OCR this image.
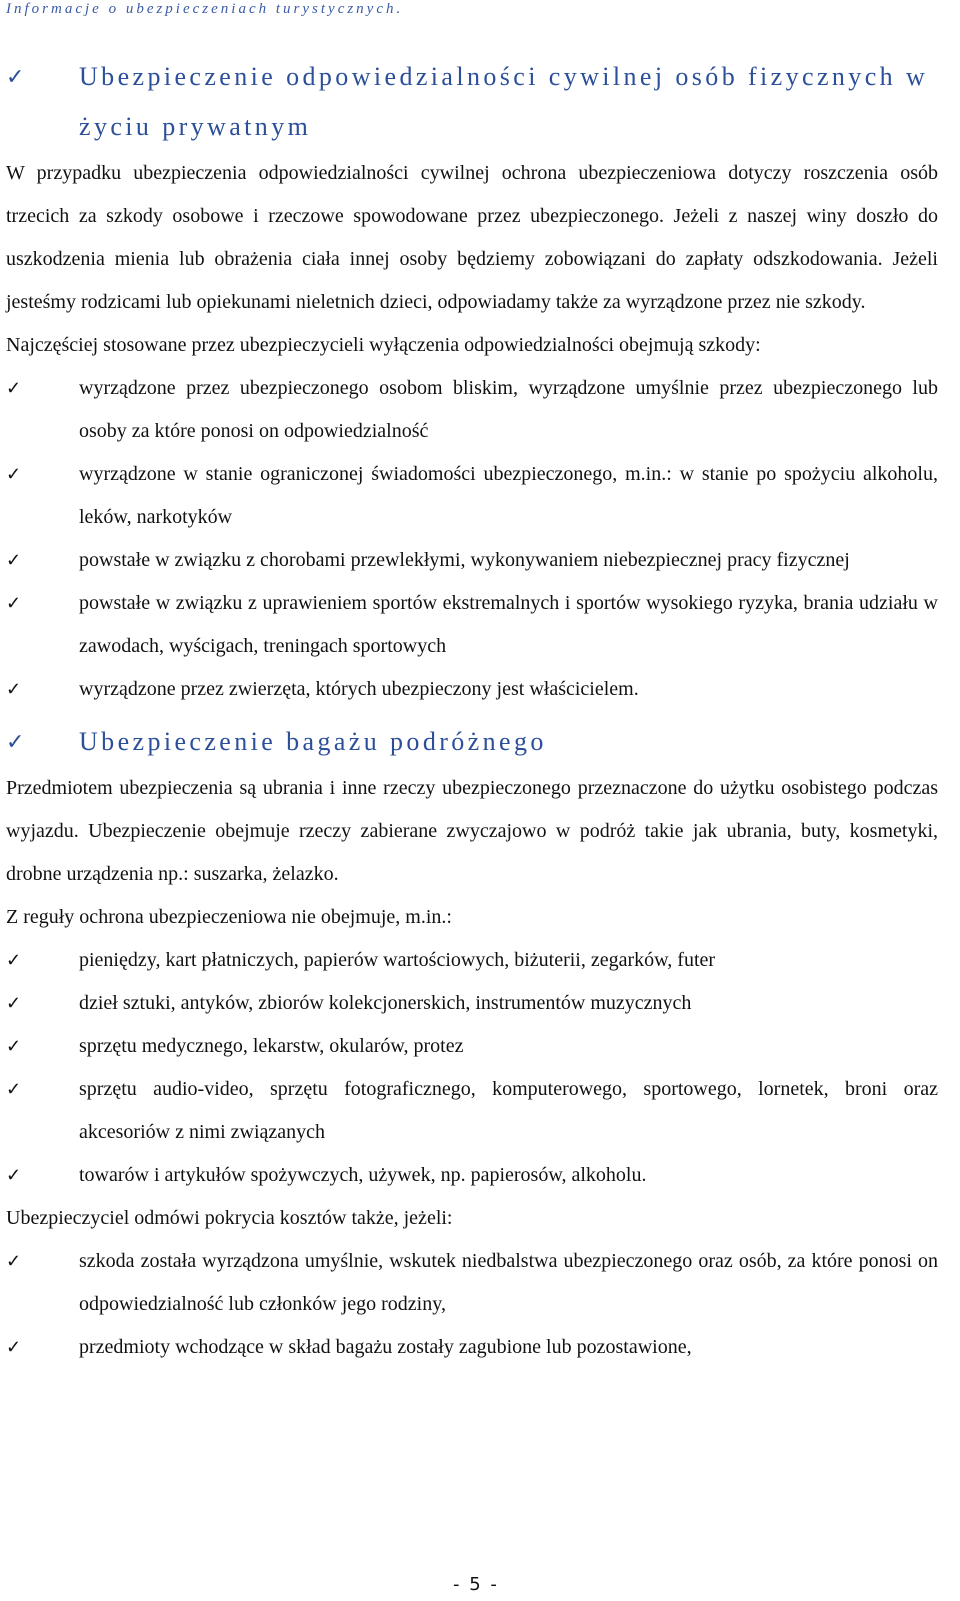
Informacje o ubezpieczeniach turystycznych.
✓	Ubezpieczenie odpowiedzialności cywilnej osób fizycznych w życiu prywatnym

W przypadku ubezpieczenia odpowiedzialności cywilnej ochrona ubezpieczeniowa dotyczy roszczenia osób trzecich za szkody osobowe i rzeczowe spowodowane przez ubezpieczonego. Jeżeli z naszej winy doszło do uszkodzenia mienia lub obrażenia ciała innej osoby będziemy zobowiązani do zapłaty odszkodowania. Jeżeli jesteśmy rodzicami lub opiekunami nieletnich dzieci, odpowiadamy także za wyrządzone przez nie szkody.

Najczęściej stosowane przez ubezpieczycieli wyłączenia odpowiedzialności obejmują szkody:

✓	wyrządzone przez ubezpieczonego osobom bliskim, wyrządzone umyślnie przez ubezpieczonego lub osoby za które ponosi on odpowiedzialność
✓	wyrządzone w stanie ograniczonej świadomości ubezpieczonego, m.in.: w stanie po spożyciu alkoholu, leków, narkotyków
✓	powstałe w związku z chorobami przewlekłymi, wykonywaniem niebezpiecznej pracy fizycznej
✓	powstałe w związku z uprawieniem sportów ekstremalnych i sportów wysokiego ryzyka, brania udziału w zawodach, wyścigach, treningach sportowych
✓	wyrządzone przez zwierzęta, których ubezpieczony jest właścicielem.
✓	Ubezpieczenie bagażu podróżnego

Przedmiotem ubezpieczenia są ubrania i inne rzeczy ubezpieczonego przeznaczone do użytku osobistego podczas wyjazdu. Ubezpieczenie obejmuje rzeczy zabierane zwyczajowo w podróż takie jak ubrania, buty, kosmetyki, drobne urządzenia np.: suszarka, żelazko.

Z reguły ochrona ubezpieczeniowa nie obejmuje, m.in.:

✓	pieniędzy, kart płatniczych, papierów wartościowych, biżuterii, zegarków, futer
✓	dzieł sztuki, antyków, zbiorów kolekcjonerskich, instrumentów muzycznych
✓	sprzętu medycznego, lekarstw, okularów, protez
✓	sprzętu audio-video, sprzętu fotograficznego, komputerowego, sportowego, lornetek, broni oraz akcesoriów z nimi związanych
✓	towarów i artykułów spożywczych, używek, np. papierosów, alkoholu.

Ubezpieczyciel odmówi pokrycia kosztów także, jeżeli:

✓	szkoda została wyrządzona umyślnie, wskutek niedbalstwa ubezpieczonego oraz osób, za które ponosi on odpowiedzialność lub członków jego rodziny,
✓	przedmioty wchodzące w skład bagażu zostały zagubione lub pozostawione,
- 5 -
